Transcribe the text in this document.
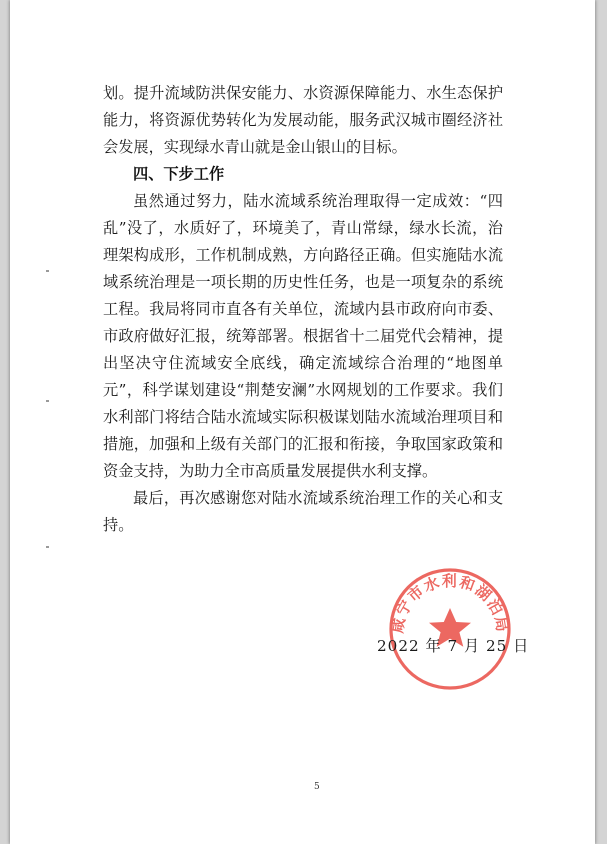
划。提升流域防洪保安能力、水资源保障能力、水生态保护能力，将资源优势转化为发展动能，服务武汉城市圈经济社会发展，实现绿水青山就是金山银山的目标。

四、下步工作

虽然通过努力，陆水流域系统治理取得一定成效：“四乱”没了，水质好了，环境美了，青山常绿，绿水长流，治理架构成形，工作机制成熟，方向路径正确。但实施陆水流域系统治理是一项长期的历史性任务，也是一项复杂的系统工程。我局将同市直各有关单位，流域内县市政府向市委、市政府做好汇报，统筹部署。根据省十二届党代会精神，提出坚决守住流域安全底线，确定流域综合治理的“地图单元”，科学谋划建设“荆楚安澜”水网规划的工作要求。我们水利部门将结合陆水流域实际积极谋划陆水流域治理项目和措施，加强和上级有关部门的汇报和衔接，争取国家政策和资金支持，为助力全市高质量发展提供水利支撑。

最后，再次感谢您对陆水流域系统治理工作的关心和支持。

咸宁市水利和湖泊局
2022 年 7 月 25 日
5
